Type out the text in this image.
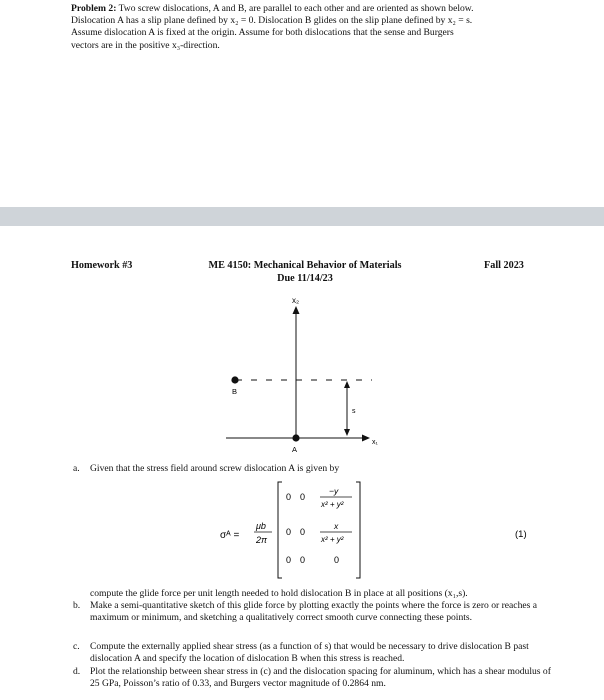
Problem 2: Two screw dislocations, A and B, are parallel to each other and are oriented as shown below.
Dislocation A has a slip plane defined by x₂ = 0. Dislocation B glides on the slip plane defined by x₂ = s.
Assume dislocation A is fixed at the origin. Assume for both dislocations that the sense and Burgers
vectors are in the positive x₃-direction.
Homework #3	ME 4150: Mechanical Behavior of Materials
Due 11/14/23
Fall 2023
x₂
x₁
B
A
s
a. Given that the stress field around screw dislocation A is given by
σᴬ =
μb
2π
0 0
−y
x² + y²
0 0
x
x² + y²
0 0	0
(1)
compute the glide force per unit length needed to hold dislocation B in place at all positions (x₁,s).
b. Make a semi-quantitative sketch of this glide force by plotting exactly the points where the force is zero or reaches a maximum or minimum, and sketching a qualitatively correct smooth curve connecting these points.
c. Compute the externally applied shear stress (as a function of s) that would be necessary to drive dislocation B past dislocation A and specify the location of dislocation B when this stress is reached.
d. Plot the relationship between shear stress in (c) and the dislocation spacing for aluminum, which has a shear modulus of 25 GPa, Poisson’s ratio of 0.33, and Burgers vector magnitude of 0.2864 nm.
